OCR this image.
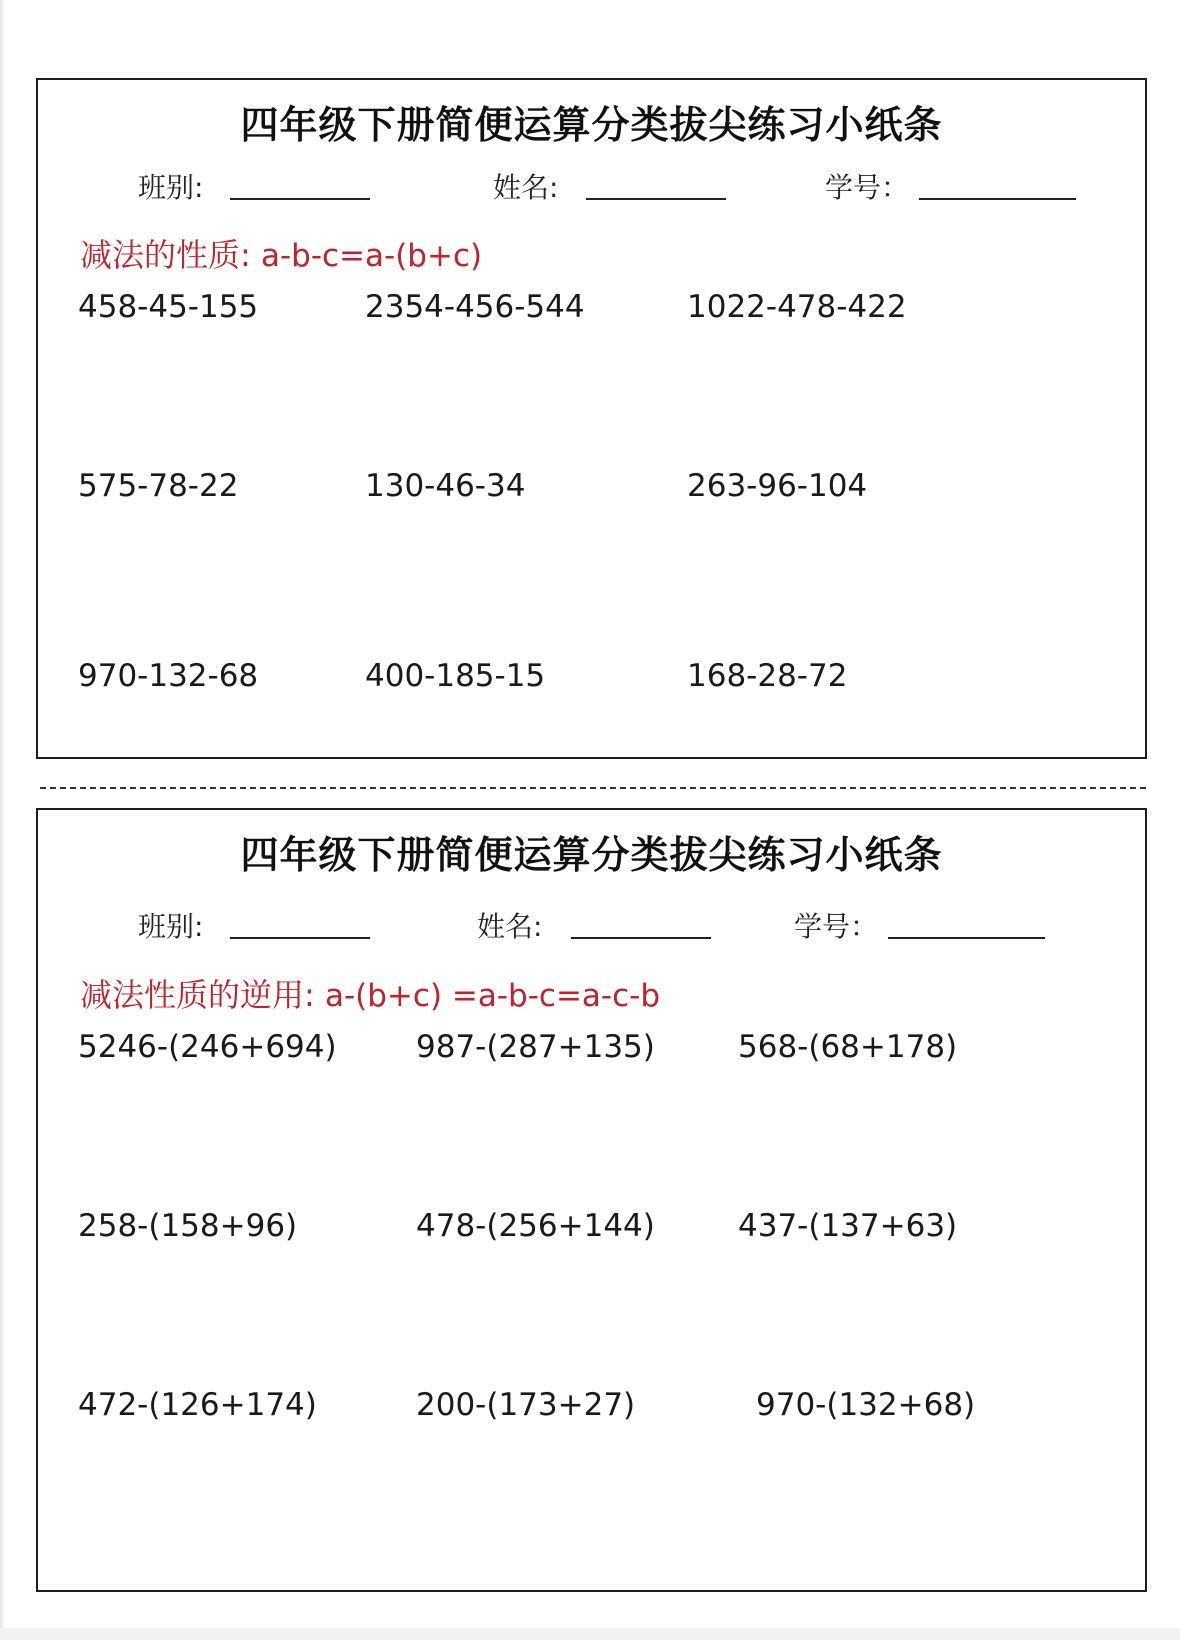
四年级下册简便运算分类拔尖练习小纸条
班别:	姓名:	学号：
减法的性质: a-b-c=a-(b+c)
458-45-155	2354-456-544	1022-478-422
575-78-22	130-46-34	263-96-104
970-132-68	400-185-15	168-28-72
四年级下册简便运算分类拔尖练习小纸条
班别:	姓名:	学号：
减法性质的逆用: a-(b+c) =a-b-c=a-c-b
5246-(246+694)	987-(287+135)	568-(68+178)
258-(158+96)	478-(256+144)	437-(137+63)
472-(126+174)	200-(173+27)	970-(132+68)
